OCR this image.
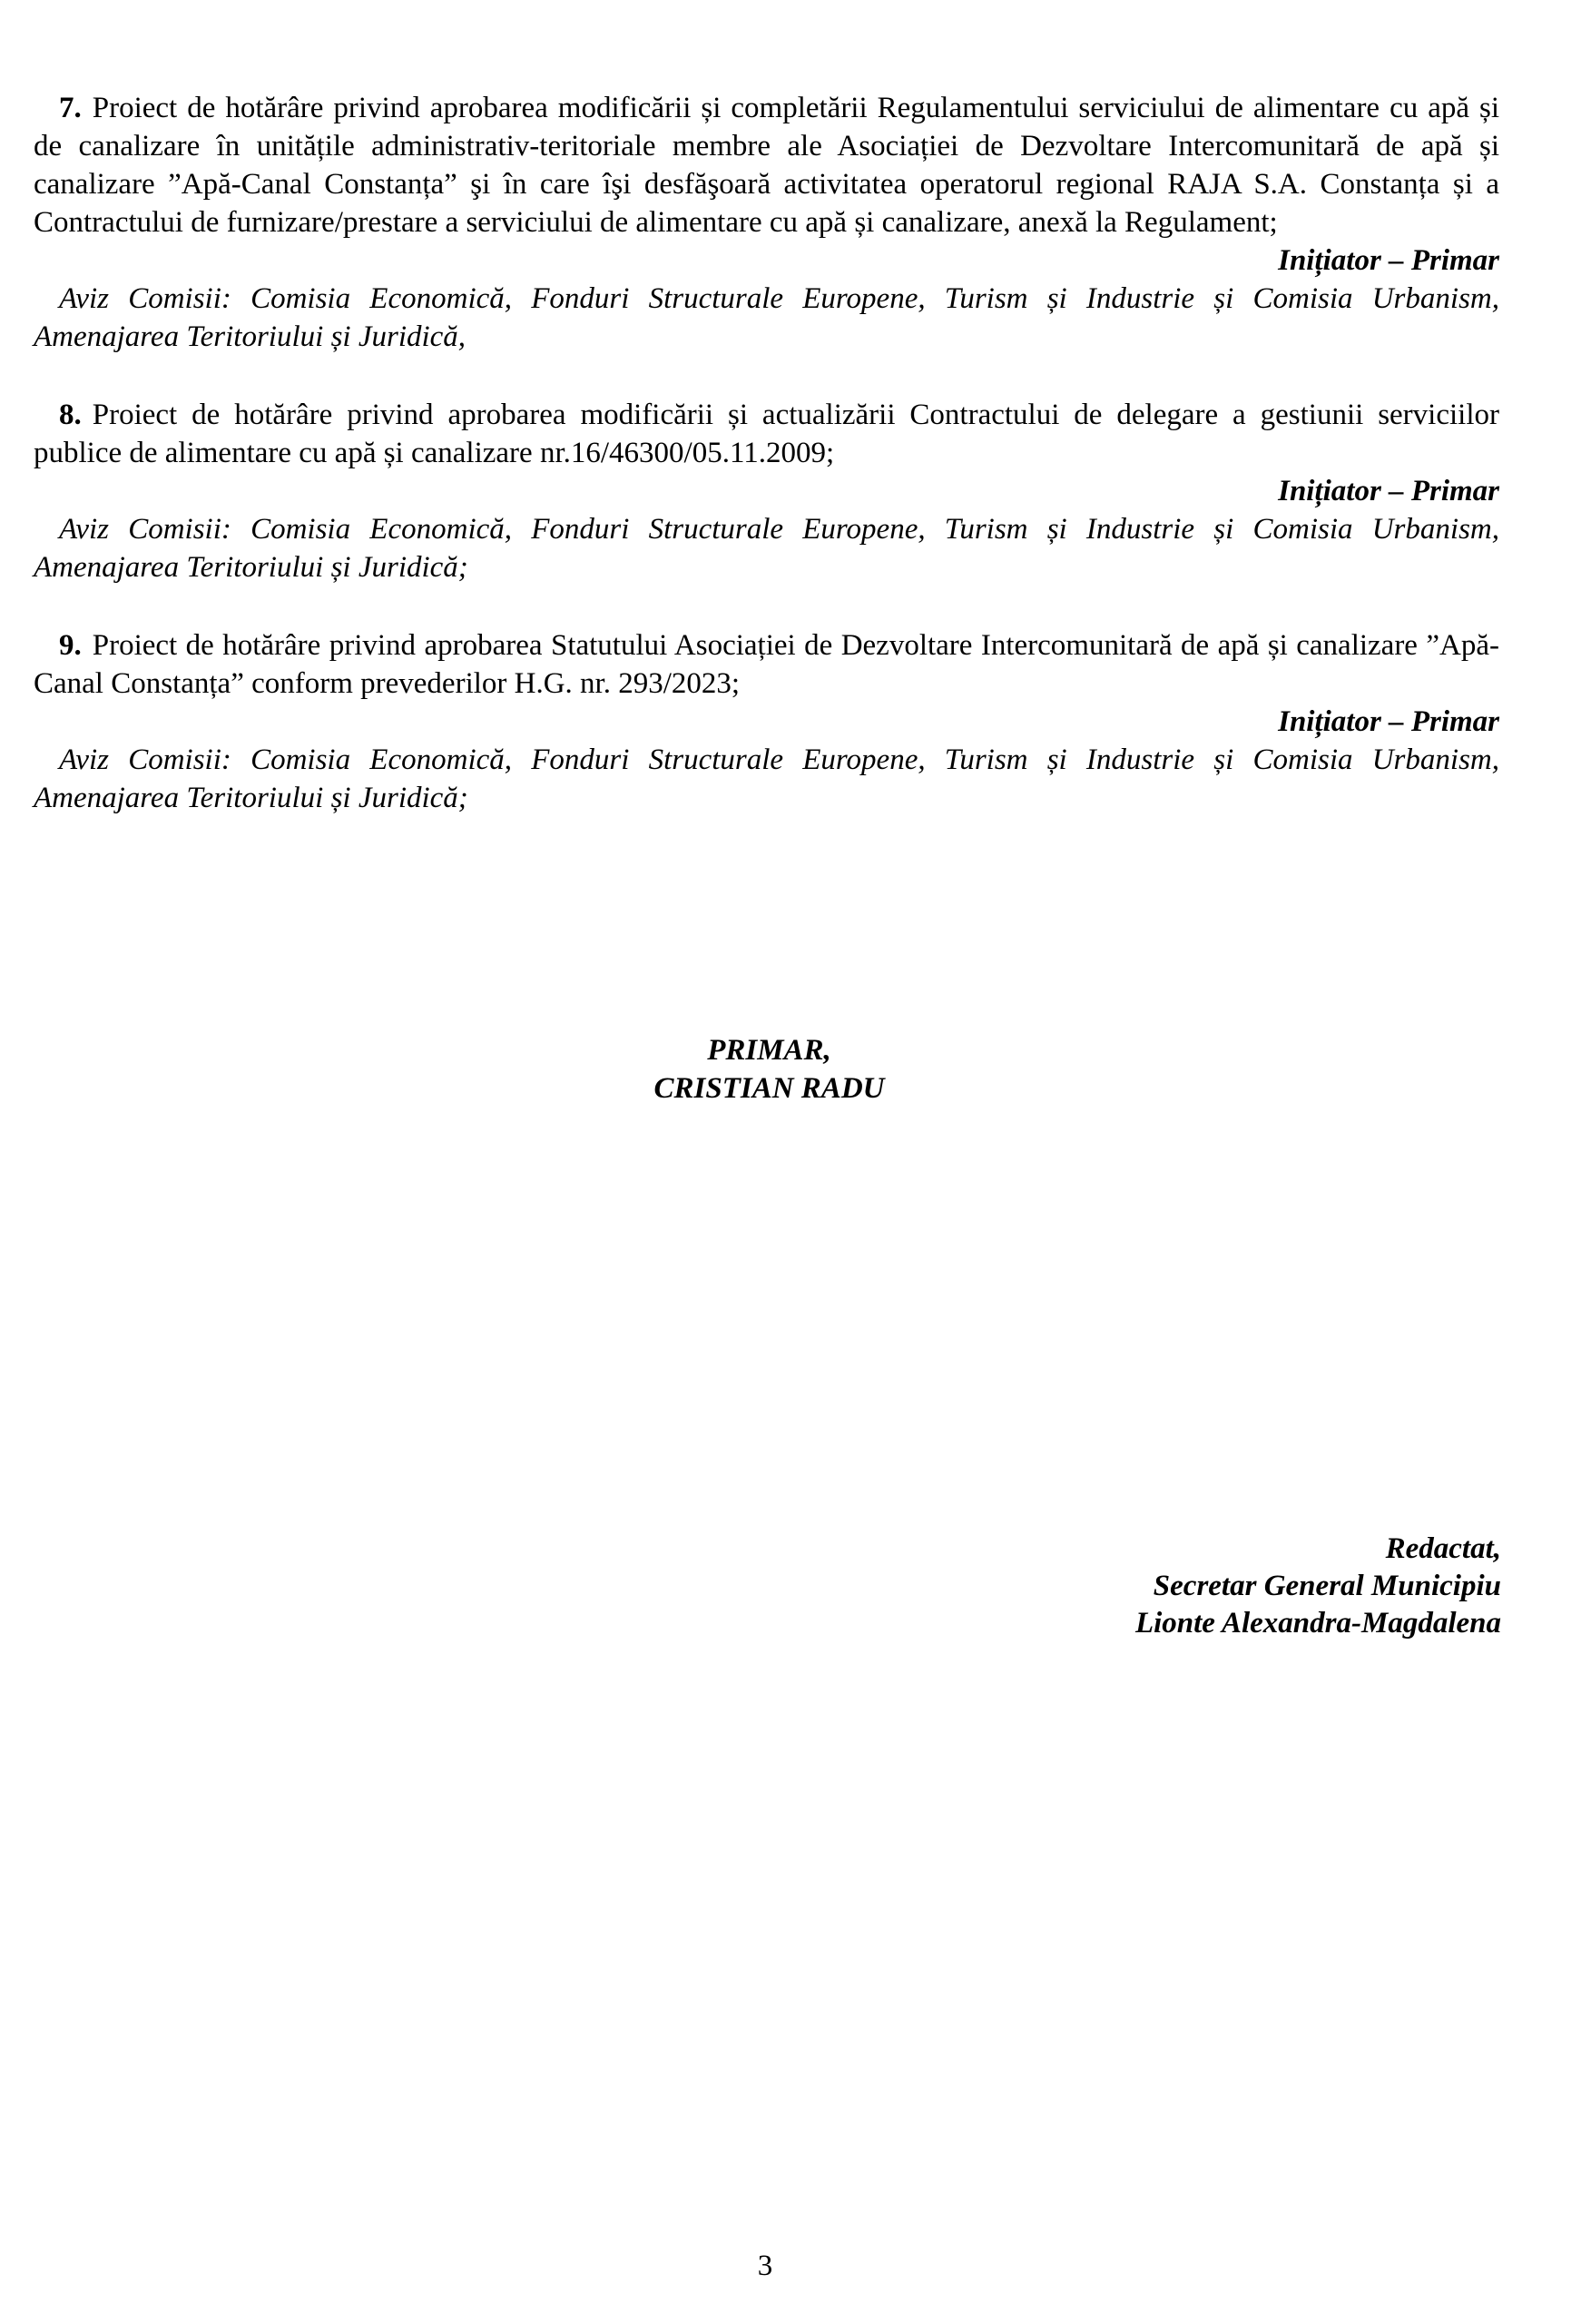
7. Proiect de hotărâre privind aprobarea modificării și completării Regulamentului serviciului de alimentare cu apă și de canalizare în unitățile administrativ-teritoriale membre ale Asociației de Dezvoltare Intercomunitară de apă și canalizare ”Apă-Canal Constanța” şi în care îşi desfăşoară activitatea operatorul regional RAJA S.A. Constanța și a Contractului de furnizare/prestare a serviciului de alimentare cu apă și canalizare, anexă la Regulament;

Inițiator – Primar

Aviz Comisii: Comisia Economică, Fonduri Structurale Europene, Turism și Industrie și Comisia Urbanism, Amenajarea Teritoriului și Juridică,

8. Proiect de hotărâre privind aprobarea modificării și actualizării Contractului de delegare a gestiunii serviciilor publice de alimentare cu apă și canalizare nr.16/46300/05.11.2009;

Inițiator – Primar

Aviz Comisii: Comisia Economică, Fonduri Structurale Europene, Turism și Industrie și Comisia Urbanism, Amenajarea Teritoriului și Juridică;

9. Proiect de hotărâre privind aprobarea Statutului Asociației de Dezvoltare Intercomunitară de apă și canalizare ”Apă-Canal Constanța” conform prevederilor H.G. nr. 293/2023;

Inițiator – Primar

Aviz Comisii: Comisia Economică, Fonduri Structurale Europene, Turism și Industrie și Comisia Urbanism, Amenajarea Teritoriului și Juridică;

PRIMAR,
CRISTIAN RADU
Redactat,
Secretar General Municipiu
Lionte Alexandra-Magdalena
3
